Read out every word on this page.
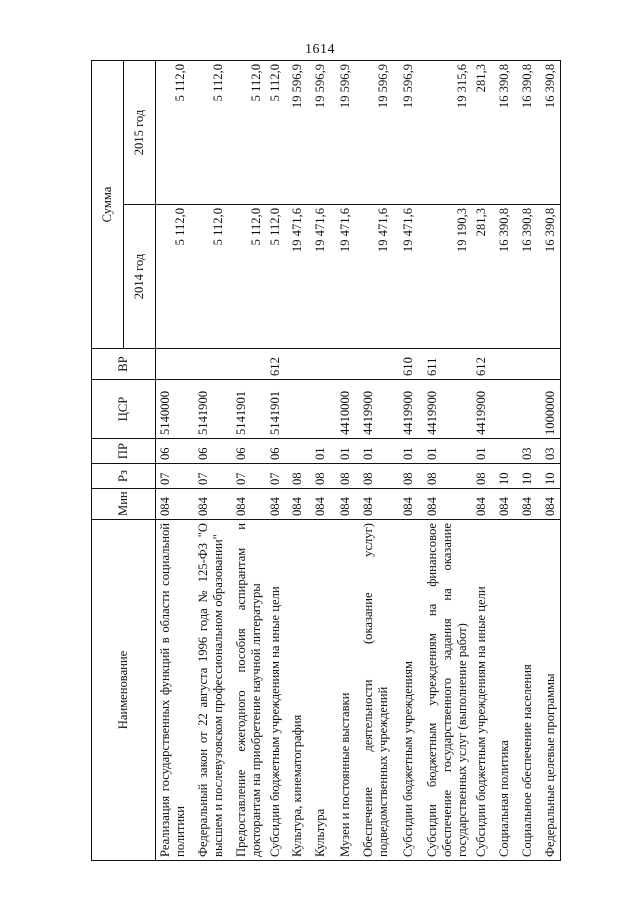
1614
Наименование	Мин	Рз	ПР	ЦСР	ВР	Сумма	
						2014 год	2015 год
Реализация государственных функций в области социальной политики	084	07	06	5140000		5 112,0	5 112,0
Федеральный закон от 22 августа 1996 года № 125-ФЗ "О высшем и послевузовском профессиональном образовании"	084	07	06	5141900		5 112,0	5 112,0
Предоставление ежегодного пособия аспирантам и докторантам на приобретение научной литературы	084	07	06	5141901		5 112,0	5 112,0
Субсидии бюджетным учреждениям на иные цели	084	07	06	5141901	612	5 112,0	5 112,0
Культура, кинематография	084	08				19 471,6	19 596,9
Культура	084	08	01			19 471,6	19 596,9
Музеи и постоянные выставки	084	08	01	4410000		19 471,6	19 596,9
Обеспечение деятельности (оказание услуг) подведомственных учреждений	084	08	01	4419900		19 471,6	19 596,9
Субсидии бюджетным учреждениям	084	08	01	4419900	610	19 471,6	19 596,9
Субсидии бюджетным учреждениям на финансовое обеспечение государственного задания на оказание государственных услуг (выполнение работ)	084	08	01	4419900	611	19 190,3	19 315,6
Субсидии бюджетным учреждениям на иные цели	084	08	01	4419900	612	281,3	281,3
Социальная политика	084	10				16 390,8	16 390,8
Социальное обеспечение населения	084	10	03			16 390,8	16 390,8
Федеральные целевые программы	084	10	03	1000000		16 390,8	16 390,8
